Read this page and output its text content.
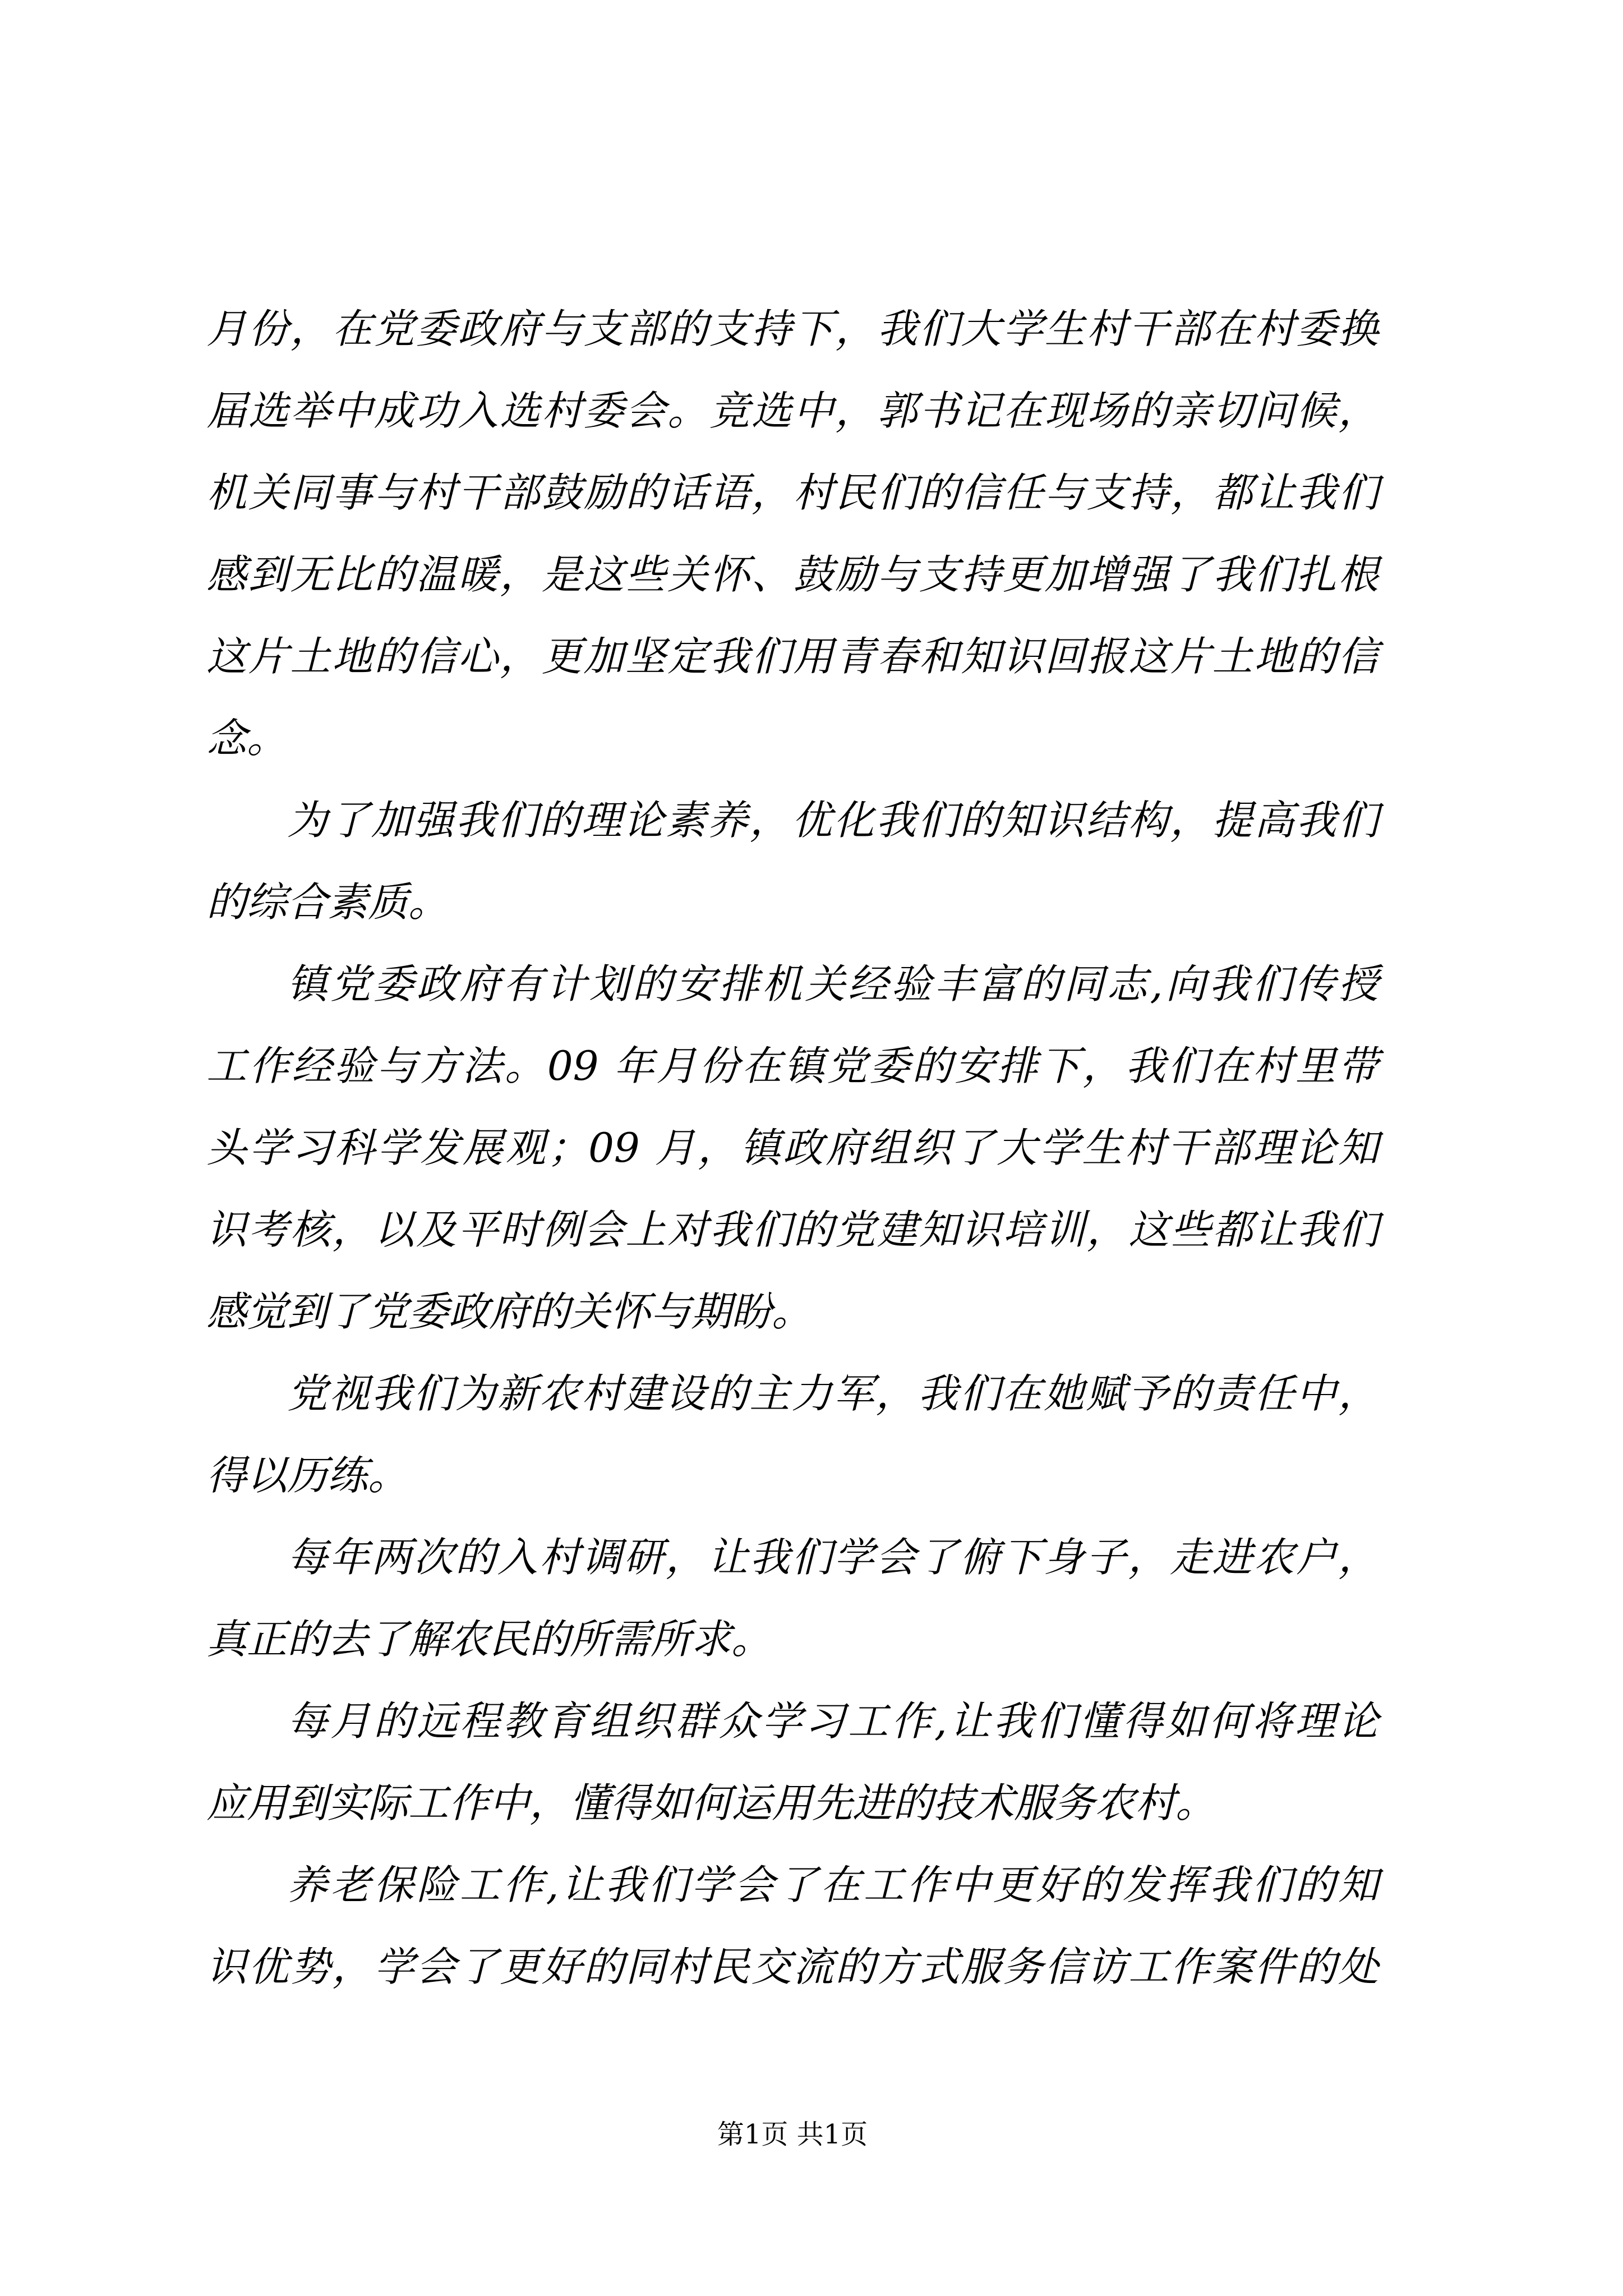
月份，在党委政府与支部的支持下，我们大学生村干部在村委换
届选举中成功入选村委会。竞选中，郭书记在现场的亲切问候，
机关同事与村干部鼓励的话语，村民们的信任与支持，都让我们
感到无比的温暖，是这些关怀、鼓励与支持更加增强了我们扎根
这片土地的信心，更加坚定我们用青春和知识回报这片土地的信
念。
为了加强我们的理论素养，优化我们的知识结构，提高我们
的综合素质。
镇党委政府有计划的安排机关经验丰富的同志,向我们传授
工作经验与方法。09 年月份在镇党委的安排下，我们在村里带
头学习科学发展观；09 月，镇政府组织了大学生村干部理论知
识考核，以及平时例会上对我们的党建知识培训，这些都让我们
感觉到了党委政府的关怀与期盼。
党视我们为新农村建设的主力军，我们在她赋予的责任中，
得以历练。
每年两次的入村调研，让我们学会了俯下身子，走进农户，
真正的去了解农民的所需所求。
每月的远程教育组织群众学习工作,让我们懂得如何将理论
应用到实际工作中，懂得如何运用先进的技术服务农村。
养老保险工作,让我们学会了在工作中更好的发挥我们的知
识优势，学会了更好的同村民交流的方式服务信访工作案件的处
第1页 共1页
